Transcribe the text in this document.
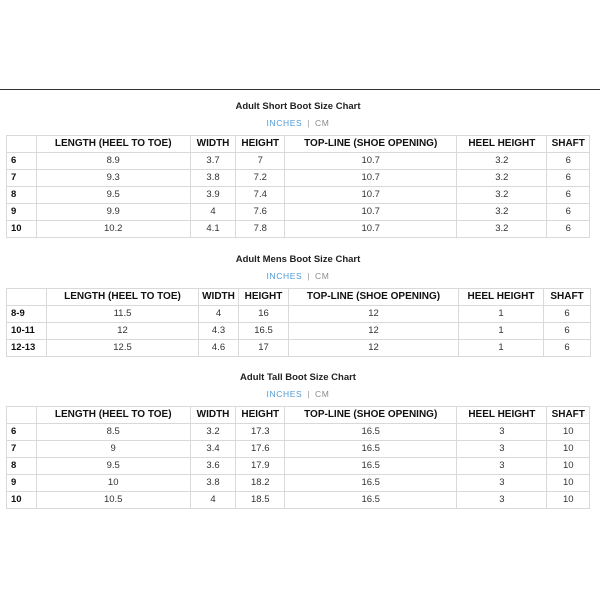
Adult Short Boot Size Chart
INCHES | CM
	LENGTH (HEEL TO TOE)	WIDTH	HEIGHT	TOP-LINE (SHOE OPENING)	HEEL HEIGHT	SHAFT
6	8.9	3.7	7	10.7	3.2	6
7	9.3	3.8	7.2	10.7	3.2	6
8	9.5	3.9	7.4	10.7	3.2	6
9	9.9	4	7.6	10.7	3.2	6
10	10.2	4.1	7.8	10.7	3.2	6
Adult Mens Boot Size Chart
INCHES | CM
	LENGTH (HEEL TO TOE)	WIDTH	HEIGHT	TOP-LINE (SHOE OPENING)	HEEL HEIGHT	SHAFT
8-9	11.5	4	16	12	1	6
10-11	12	4.3	16.5	12	1	6
12-13	12.5	4.6	17	12	1	6
Adult Tall Boot Size Chart
INCHES | CM
	LENGTH (HEEL TO TOE)	WIDTH	HEIGHT	TOP-LINE (SHOE OPENING)	HEEL HEIGHT	SHAFT
6	8.5	3.2	17.3	16.5	3	10
7	9	3.4	17.6	16.5	3	10
8	9.5	3.6	17.9	16.5	3	10
9	10	3.8	18.2	16.5	3	10
10	10.5	4	18.5	16.5	3	10
